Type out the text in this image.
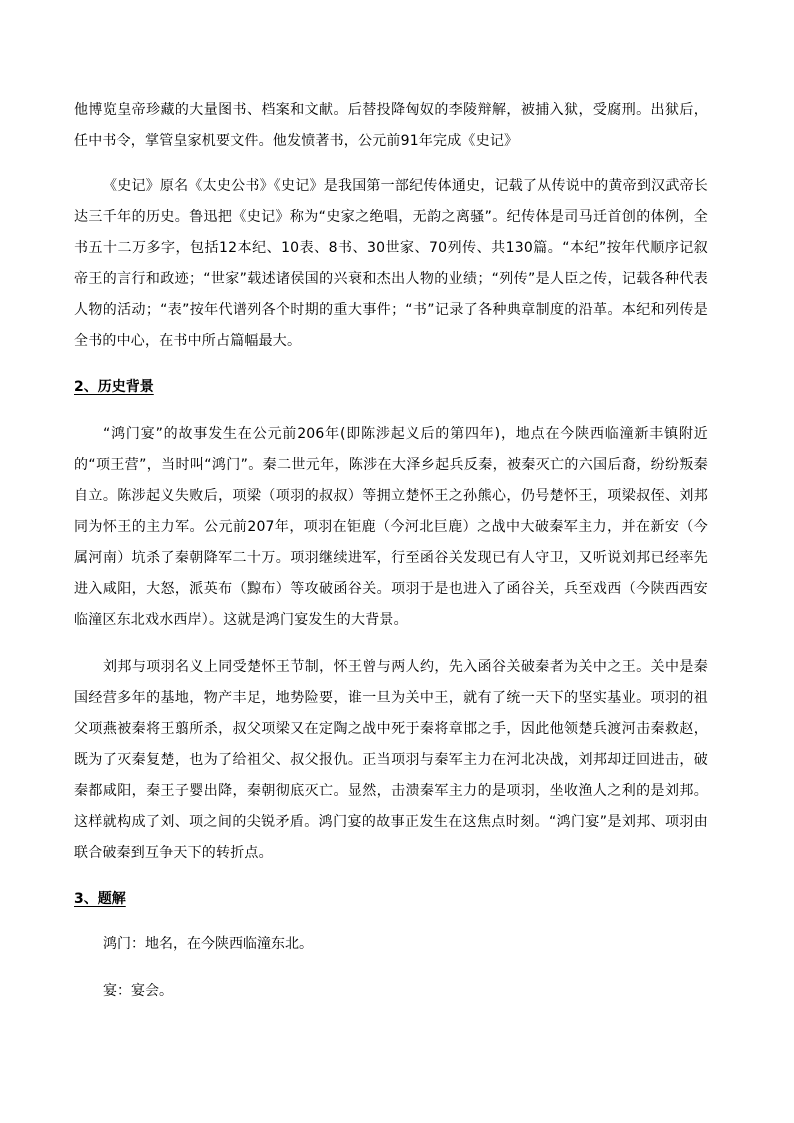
他博览皇帝珍藏的大量图书、档案和文献。后替投降匈奴的李陵辩解，被捕入狱，受腐刑。出狱后，任中书令，掌管皇家机要文件。他发愤著书，公元前91年完成《史记》

《史记》原名《太史公书》《史记》是我国第一部纪传体通史，记载了从传说中的黄帝到汉武帝长达三千年的历史。鲁迅把《史记》称为“史家之绝唱，无韵之离骚”。纪传体是司马迁首创的体例，全书五十二万多字，包括12本纪、10表、8书、30世家、70列传、共130篇。“本纪”按年代顺序记叙帝王的言行和政迹；“世家”载述诸侯国的兴衰和杰出人物的业绩；“列传”是人臣之传，记载各种代表人物的活动；“表”按年代谱列各个时期的重大事件；“书”记录了各种典章制度的沿革。本纪和列传是全书的中心，在书中所占篇幅最大。

2、历史背景

“鸿门宴”的故事发生在公元前206年(即陈涉起义后的第四年)，地点在今陕西临潼新丰镇附近的“项王营”，当时叫“鸿门”。秦二世元年，陈涉在大泽乡起兵反秦，被秦灭亡的六国后裔，纷纷叛秦自立。陈涉起义失败后，项梁（项羽的叔叔）等拥立楚怀王之孙熊心，仍号楚怀王，项梁叔侄、刘邦同为怀王的主力军。公元前207年，项羽在钜鹿（今河北巨鹿）之战中大破秦军主力，并在新安（今属河南）坑杀了秦朝降军二十万。项羽继续进军，行至函谷关发现已有人守卫，又听说刘邦已经率先进入咸阳，大怒，派英布（黥布）等攻破函谷关。项羽于是也进入了函谷关，兵至戏西（今陕西西安临潼区东北戏水西岸）。这就是鸿门宴发生的大背景。

刘邦与项羽名义上同受楚怀王节制，怀王曾与两人约，先入函谷关破秦者为关中之王。关中是秦国经营多年的基地，物产丰足，地势险要，谁一旦为关中王，就有了统一天下的坚实基业。项羽的祖父项燕被秦将王翦所杀，叔父项梁又在定陶之战中死于秦将章邯之手，因此他领楚兵渡河击秦救赵，既为了灭秦复楚，也为了给祖父、叔父报仇。正当项羽与秦军主力在河北决战，刘邦却迂回进击，破秦都咸阳，秦王子婴出降，秦朝彻底灭亡。显然，击溃秦军主力的是项羽，坐收渔人之利的是刘邦。这样就构成了刘、项之间的尖锐矛盾。鸿门宴的故事正发生在这焦点时刻。“鸿门宴”是刘邦、项羽由联合破秦到互争天下的转折点。

3、题解

鸿门：地名，在今陕西临潼东北。

宴：宴会。
